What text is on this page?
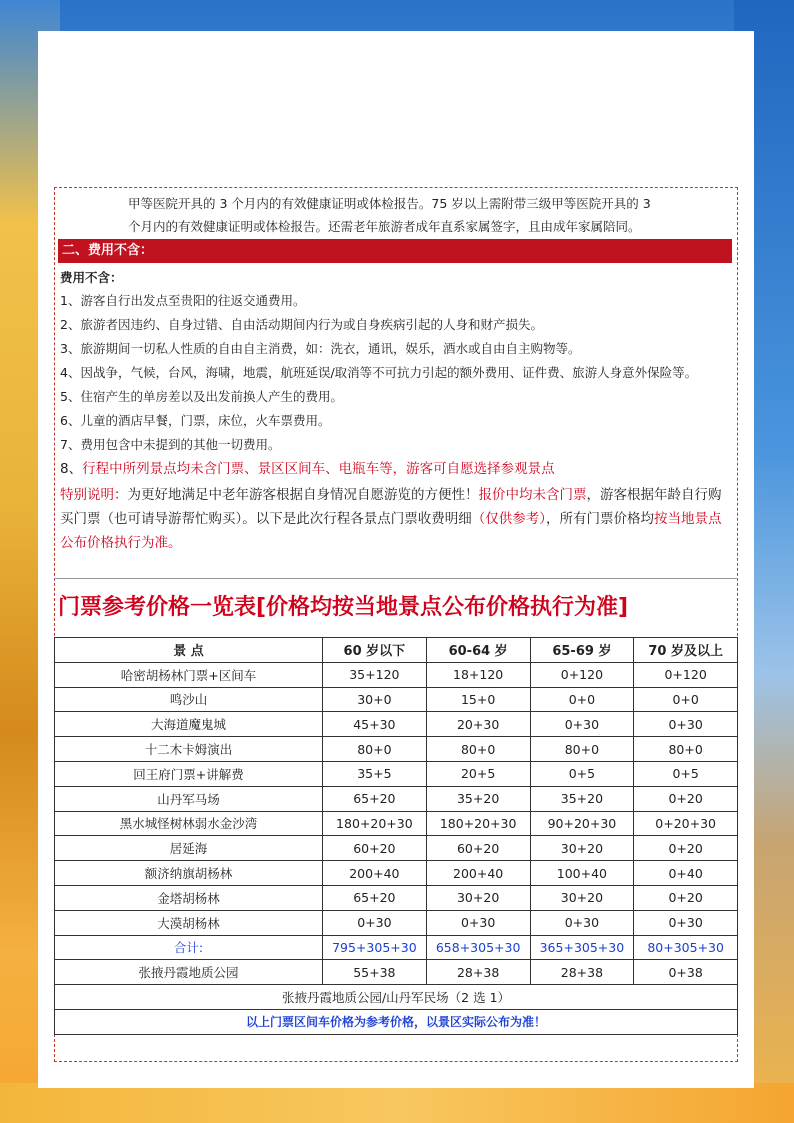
甲等医院开具的 3 个月内的有效健康证明或体检报告。75 岁以上需附带三级甲等医院开具的 3
个月内的有效健康证明或体检报告。还需老年旅游者成年直系家属签字，且由成年家属陪同。
二、费用不含：
费用不含：
1、游客自行出发点至贵阳的往返交通费用。
2、旅游者因违约、自身过错、自由活动期间内行为或自身疾病引起的人身和财产损失。
3、旅游期间一切私人性质的自由自主消费，如：洗衣，通讯，娱乐，酒水或自由自主购物等。
4、因战争，气候，台风，海啸，地震，航班延误/取消等不可抗力引起的额外费用、证件费、旅游人身意外保险等。
5、住宿产生的单房差以及出发前换人产生的费用。
6、儿童的酒店早餐，门票，床位，火车票费用。
7、费用包含中未提到的其他一切费用。
8、行程中所列景点均未含门票、景区区间车、电瓶车等，游客可自愿选择参观景点
特别说明：为更好地满足中老年游客根据自身情况自愿游览的方便性！报价中均未含门票，游客根据年龄自行购买门票（也可请导游帮忙购买）。以下是此次行程各景点门票收费明细（仅供参考），所有门票价格均按当地景点公布价格执行为准。
门票参考价格一览表[价格均按当地景点公布价格执行为准]
景 点	60 岁以下	60-64 岁	65-69 岁	70 岁及以上
哈密胡杨林门票+区间车	35+120	18+120	0+120	0+120
鸣沙山	30+0	15+0	0+0	0+0
大海道魔鬼城	45+30	20+30	0+30	0+30
十二木卡姆演出	80+0	80+0	80+0	80+0
回王府门票+讲解费	35+5	20+5	0+5	0+5
山丹军马场	65+20	35+20	35+20	0+20
黑水城怪树林弱水金沙湾	180+20+30	180+20+30	90+20+30	0+20+30
居延海	60+20	60+20	30+20	0+20
额济纳旗胡杨林	200+40	200+40	100+40	0+40
金塔胡杨林	65+20	30+20	30+20	0+20
大漠胡杨林	0+30	0+30	0+30	0+30
合计:	795+305+30	658+305+30	365+305+30	80+305+30
张掖丹霞地质公园	55+38	28+38	28+38	0+38
张掖丹霞地质公园/山丹军民场（2 选 1）				
以上门票区间车价格为参考价格，以景区实际公布为准！				
